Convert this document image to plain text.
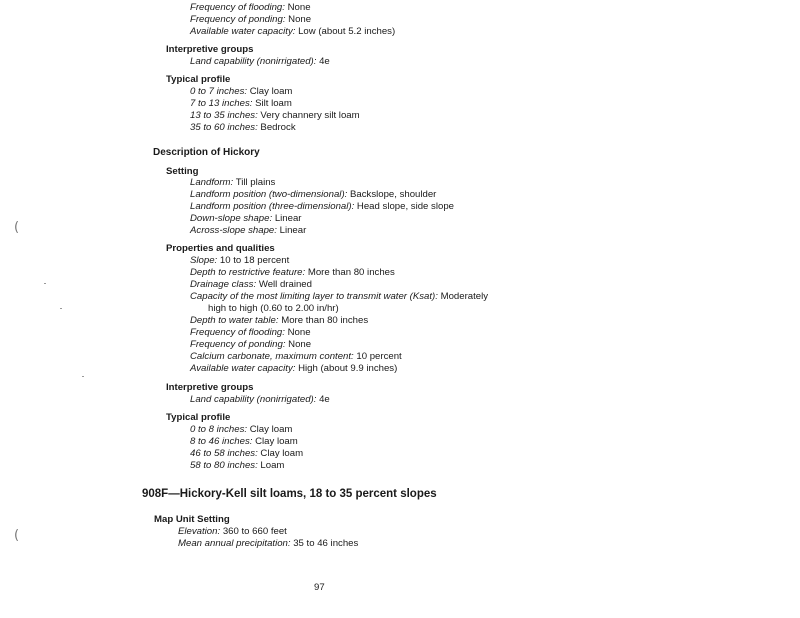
Frequency of flooding: None
Frequency of ponding: None
Available water capacity: Low (about 5.2 inches)
Interpretive groups
Land capability (nonirrigated): 4e
Typical profile
0 to 7 inches: Clay loam
7 to 13 inches: Silt loam
13 to 35 inches: Very channery silt loam
35 to 60 inches: Bedrock
Description of Hickory
Setting
Landform: Till plains
Landform position (two-dimensional): Backslope, shoulder
Landform position (three-dimensional): Head slope, side slope
Down-slope shape: Linear
Across-slope shape: Linear
Properties and qualities
Slope: 10 to 18 percent
Depth to restrictive feature: More than 80 inches
Drainage class: Well drained
Capacity of the most limiting layer to transmit water (Ksat): Moderately
high to high (0.60 to 2.00 in/hr)
Depth to water table: More than 80 inches
Frequency of flooding: None
Frequency of ponding: None
Calcium carbonate, maximum content: 10 percent
Available water capacity: High (about 9.9 inches)
Interpretive groups
Land capability (nonirrigated): 4e
Typical profile
0 to 8 inches: Clay loam
8 to 46 inches: Clay loam
46 to 58 inches: Clay loam
58 to 80 inches: Loam
908F—Hickory-Kell silt loams, 18 to 35 percent slopes
Map Unit Setting
Elevation: 360 to 660 feet
Mean annual precipitation: 35 to 46 inches
97
(
(
